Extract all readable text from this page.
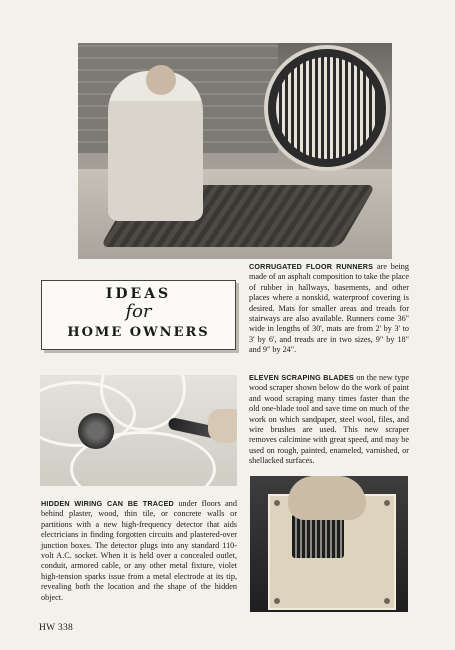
IDEAS
for
HOME OWNERS
CORRUGATED FLOOR RUNNERS are being made of an asphalt composition to take the place of rubber in hallways, basements, and other places where a nonskid, waterproof covering is desired. Mats for smaller areas and treads for stairways are also available. Runners come 36" wide in lengths of 30', mats are from 2' by 3' to 3' by 6', and treads are in two sizes, 9" by 18" and 9" by 24".
ELEVEN SCRAPING BLADES on the new type wood scraper shown below do the work of paint and wood scraping many times faster than the old one-blade tool and save time on much of the work on which sandpaper, steel wool, files, and wire brushes are used. This new scraper removes calcimine with great speed, and may be used on rough, painted, enameled, varnished, or shellacked surfaces.
HIDDEN WIRING CAN BE TRACED under floors and behind plaster, wood, thin tile, or concrete walls or partitions with a new high-frequency detector that aids electricians in finding forgotten circuits and plastered-over junction boxes. The detector plugs into any standard 110-volt A.C. socket. When it is held over a concealed outlet, conduit, armored cable, or any other metal fixture, violet high-tension sparks issue from a metal electrode at its tip, revealing both the location and the shape of the hidden object.
HW 338
